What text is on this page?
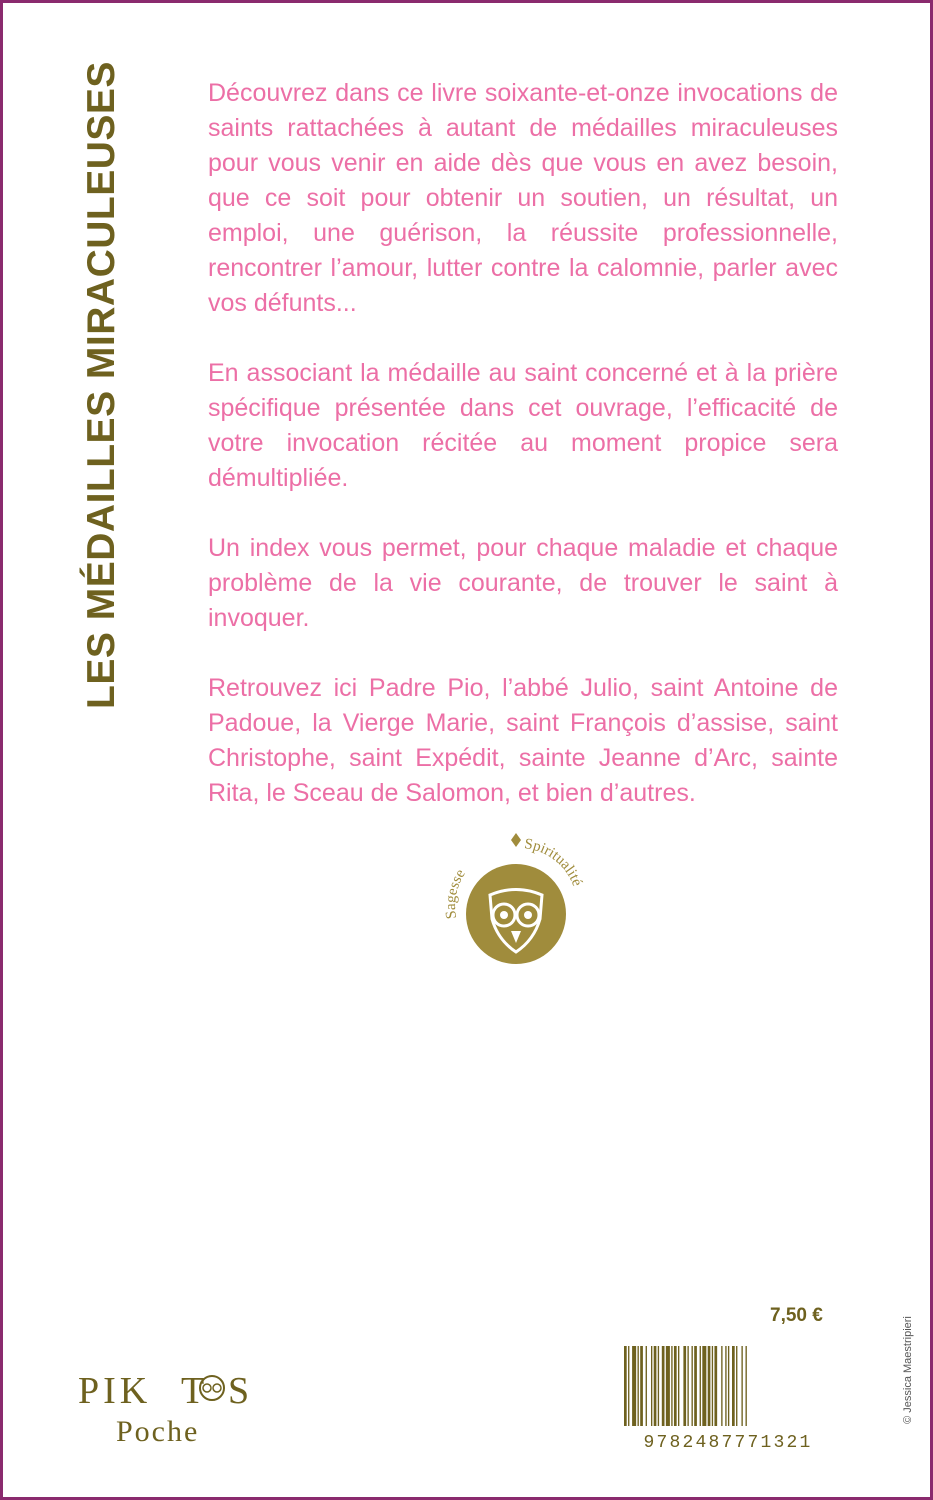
LES MÉDAILLES MIRACULEUSES	Découvrez dans ce livre soixante-et-onze invocations de saints rattachées à autant de médailles miraculeuses pour vous venir en aide dès que vous en avez besoin, que ce soit pour obtenir un soutien, un résultat, un emploi, une guérison, la réussite professionnelle, rencontrer l’amour, lutter contre la calomnie, parler avec vos défunts...

En associant la médaille au saint concerné et à la prière spécifique présentée dans cet ouvrage, l’efficacité de votre invocation récitée au moment propice sera démultipliée.

Un index vous permet, pour chaque maladie et chaque problème de la vie courante, de trouver le saint à invoquer.

Retrouvez ici Padre Pio, l’abbé Julio, saint Antoine de Padoue, la Vierge Marie, saint François d’assise, saint Christophe, saint Expédit, sainte Jeanne d’Arc, sainte Rita, le Sceau de Salomon, et bien d’autres.

Sagesse
Spiritualité
7,50 €
9782487771321
© Jessica Maestripieri
PIKT T S
Poche
